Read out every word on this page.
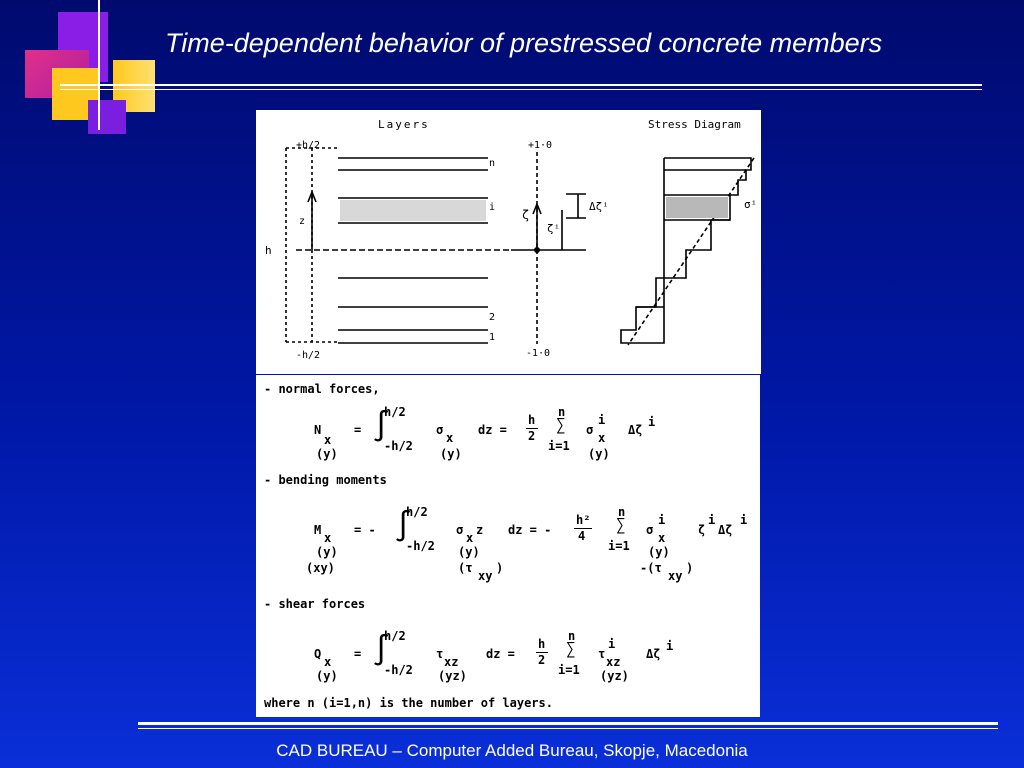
Time-dependent behavior of prestressed concrete members
Layers	Stress Diagram
+h/2
-h/2
h
z
n
i
2
1
+1·0
-1·0
ζ
ζⁱ
Δζⁱ	σⁱ
- normal forces,
N
x
(y)
= ∫
h/2
-h/2
σ
x
(y)
dz =
h
2
n
∑
i=1
σ
i
x
(y)
Δζ
i
- bending moments
M
x
(y)
(xy)
= - ∫
h/2
-h/2
σ
x
z
(y)
(τ
xy
)
dz = -
h²
4
n
∑
i=1
σ
i
x
(y)
-(τ
xy
)
ζ
i
Δζ
i
- shear forces
Q
x
(y)
= ∫
h/2
-h/2
τ
xz
(yz)
dz =
h
2
n
∑
i=1
τ
i
xz
(yz)
Δζ
i
where n (i=1,n) is the number of layers.
CAD BUREAU – Computer Added Bureau, Skopje, Macedonia
